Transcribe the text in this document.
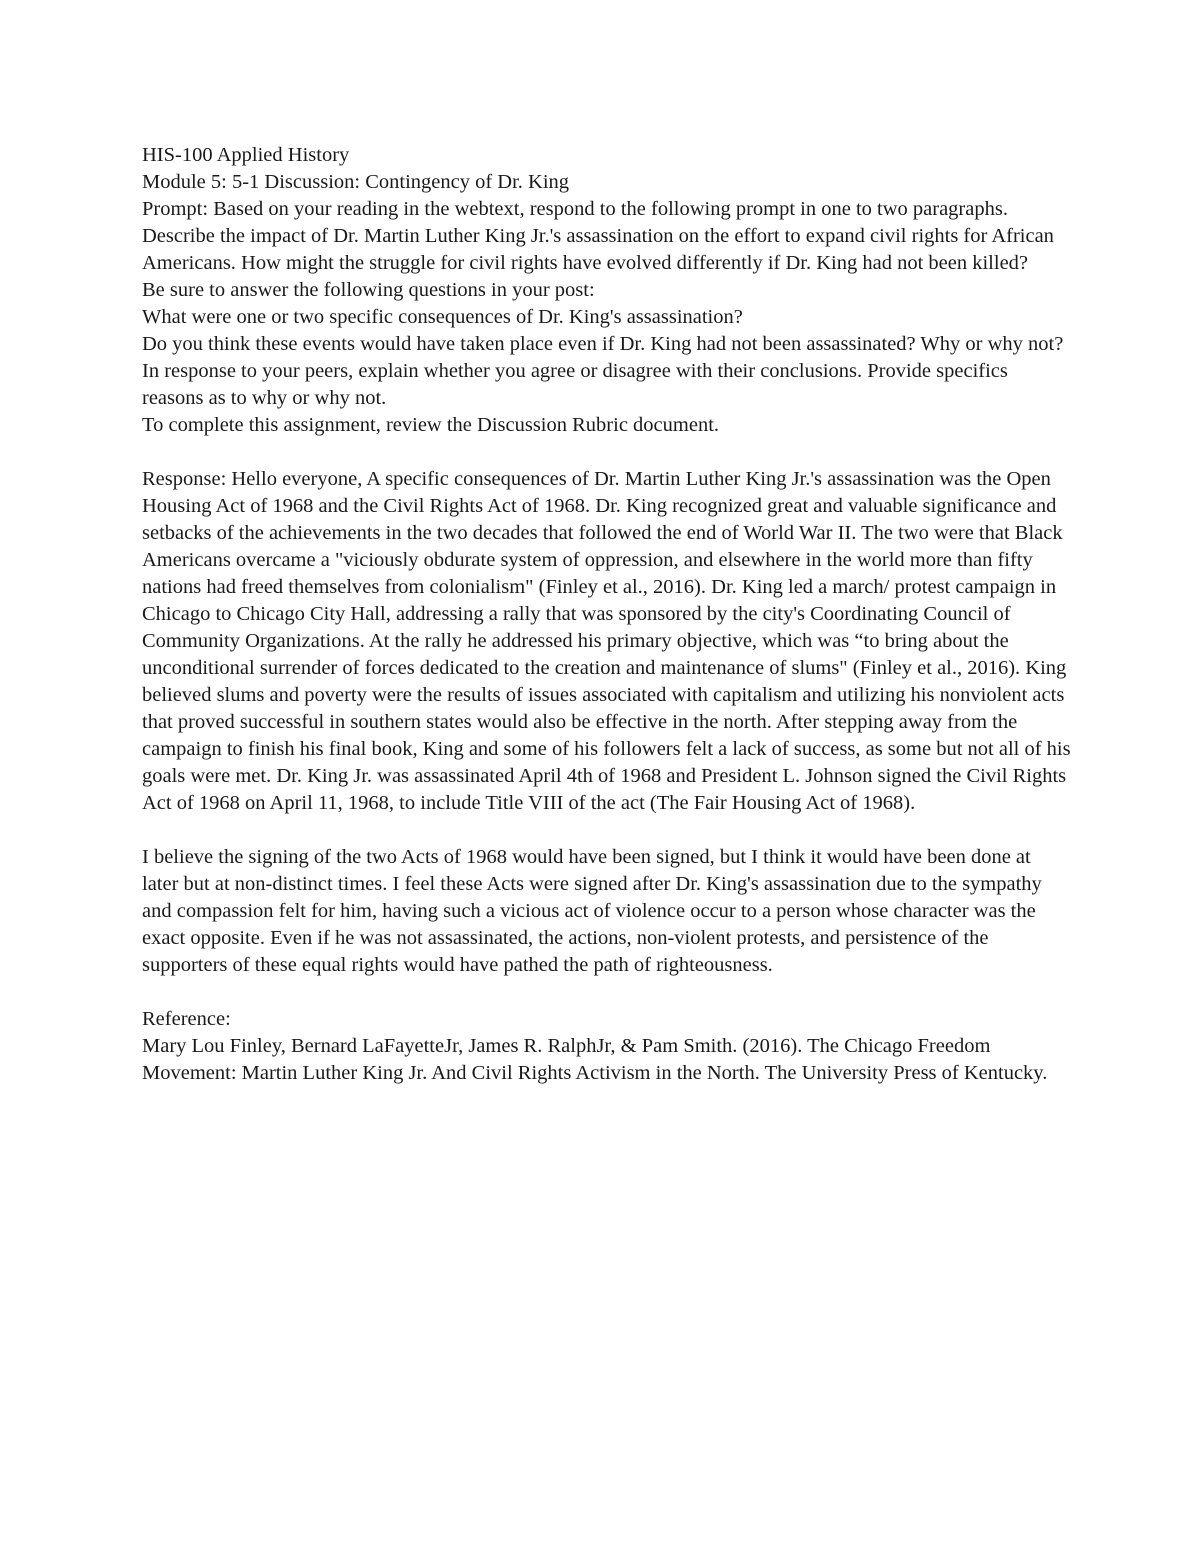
HIS-100 Applied History

Module 5: 5-1 Discussion: Contingency of Dr. King

Prompt: Based on your reading in the webtext, respond to the following prompt in one to two paragraphs.

Describe the impact of Dr. Martin Luther King Jr.'s assassination on the effort to expand civil rights for African Americans. How might the struggle for civil rights have evolved differently if Dr. King had not been killed?

Be sure to answer the following questions in your post:

What were one or two specific consequences of Dr. King's assassination?

Do you think these events would have taken place even if Dr. King had not been assassinated? Why or why not?

In response to your peers, explain whether you agree or disagree with their conclusions. Provide specifics reasons as to why or why not.

To complete this assignment, review the Discussion Rubric document.

Response: Hello everyone, A specific consequences of Dr. Martin Luther King Jr.'s assassination was the Open Housing Act of 1968 and the Civil Rights Act of 1968. Dr. King recognized great and valuable significance and setbacks of the achievements in the two decades that followed the end of World War II. The two were that Black Americans overcame a "viciously obdurate system of oppression, and elsewhere in the world more than fifty nations had freed themselves from colonialism" (Finley et al., 2016). Dr. King led a march/ protest campaign in Chicago to Chicago City Hall, addressing a rally that was sponsored by the city's Coordinating Council of Community Organizations. At the rally he addressed his primary objective, which was “to bring about the unconditional surrender of forces dedicated to the creation and maintenance of slums" (Finley et al., 2016). King believed slums and poverty were the results of issues associated with capitalism and utilizing his nonviolent acts that proved successful in southern states would also be effective in the north. After stepping away from the campaign to finish his final book, King and some of his followers felt a lack of success, as some but not all of his goals were met. Dr. King Jr. was assassinated April 4th of 1968 and President L. Johnson signed the Civil Rights Act of 1968 on April 11, 1968, to include Title VIII of the act (The Fair Housing Act of 1968).

I believe the signing of the two Acts of 1968 would have been signed, but I think it would have been done at later but at non-distinct times. I feel these Acts were signed after Dr. King's assassination due to the sympathy and compassion felt for him, having such a vicious act of violence occur to a person whose character was the exact opposite. Even if he was not assassinated, the actions, non-violent protests, and persistence of the supporters of these equal rights would have pathed the path of righteousness.

Reference:

Mary Lou Finley, Bernard LaFayetteJr, James R. RalphJr, & Pam Smith. (2016). The Chicago Freedom Movement: Martin Luther King Jr. And Civil Rights Activism in the North. The University Press of Kentucky.
